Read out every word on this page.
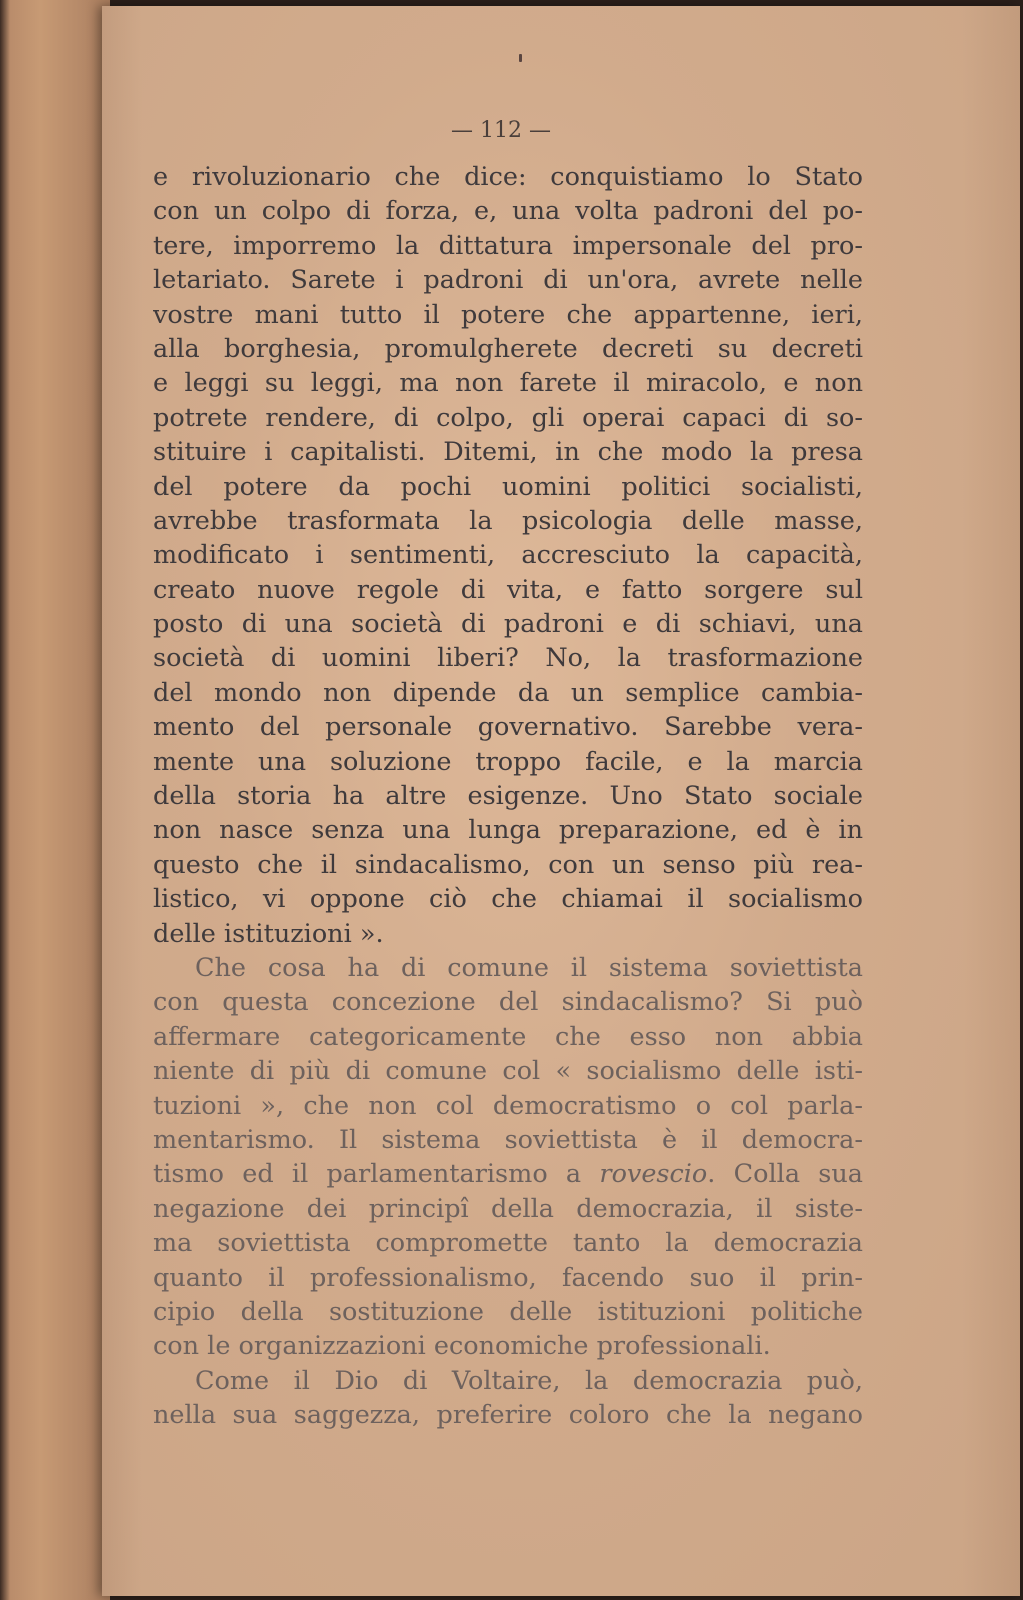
— 112 —
e rivoluzionario che dice: conquistiamo lo Stato
con un colpo di forza, e, una volta padroni del po-
tere, imporremo la dittatura impersonale del pro-
letariato. Sarete i padroni di un'ora, avrete nelle
vostre mani tutto il potere che appartenne, ieri,
alla borghesia, promulgherete decreti su decreti
e leggi su leggi, ma non farete il miracolo, e non
potrete rendere, di colpo, gli operai capaci di so-
stituire i capitalisti. Ditemi, in che modo la presa
del potere da pochi uomini politici socialisti,
avrebbe trasformata la psicologia delle masse,
modificato i sentimenti, accresciuto la capacità,
creato nuove regole di vita, e fatto sorgere sul
posto di una società di padroni e di schiavi, una
società di uomini liberi? No, la trasformazione
del mondo non dipende da un semplice cambia-
mento del personale governativo. Sarebbe vera-
mente una soluzione troppo facile, e la marcia
della storia ha altre esigenze. Uno Stato sociale
non nasce senza una lunga preparazione, ed è in
questo che il sindacalismo, con un senso più rea-
listico, vi oppone ciò che chiamai il socialismo
delle istituzioni ».
Che cosa ha di comune il sistema soviettista
con questa concezione del sindacalismo? Si può
affermare categoricamente che esso non abbia
niente di più di comune col « socialismo delle isti-
tuzioni », che non col democratismo o col parla-
mentarismo. Il sistema soviettista è il democra-
tismo ed il parlamentarismo a rovescio. Colla sua
negazione dei principî della democrazia, il siste-
ma soviettista compromette tanto la democrazia
quanto il professionalismo, facendo suo il prin-
cipio della sostituzione delle istituzioni politiche
con le organizzazioni economiche professionali.
Come il Dio di Voltaire, la democrazia può,
nella sua saggezza, preferire coloro che la negano
